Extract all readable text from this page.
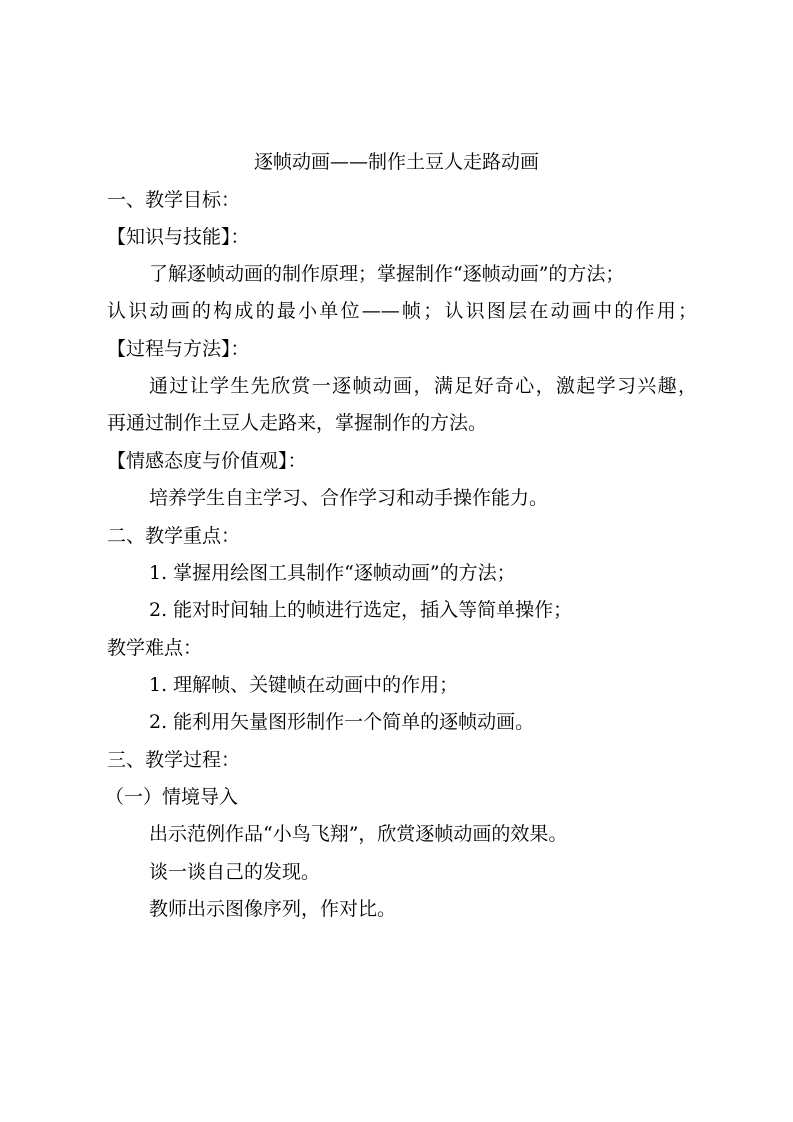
逐帧动画——制作土豆人走路动画
一、教学目标：
【知识与技能】：
了解逐帧动画的制作原理；掌握制作“逐帧动画”的方法；
认识动画的构成的最小单位——帧；认识图层在动画中的作用；
【过程与方法】：
通过让学生先欣赏一逐帧动画，满足好奇心，激起学习兴趣，
再通过制作土豆人走路来，掌握制作的方法。
【情感态度与价值观】：
培养学生自主学习、合作学习和动手操作能力。
二、教学重点：
1. 掌握用绘图工具制作“逐帧动画”的方法；
2. 能对时间轴上的帧进行选定，插入等简单操作；
教学难点：
1. 理解帧、关键帧在动画中的作用；
2. 能利用矢量图形制作一个简单的逐帧动画。
三、教学过程：
（一）情境导入
出示范例作品“小鸟飞翔”，欣赏逐帧动画的效果。
谈一谈自己的发现。
教师出示图像序列，作对比。
